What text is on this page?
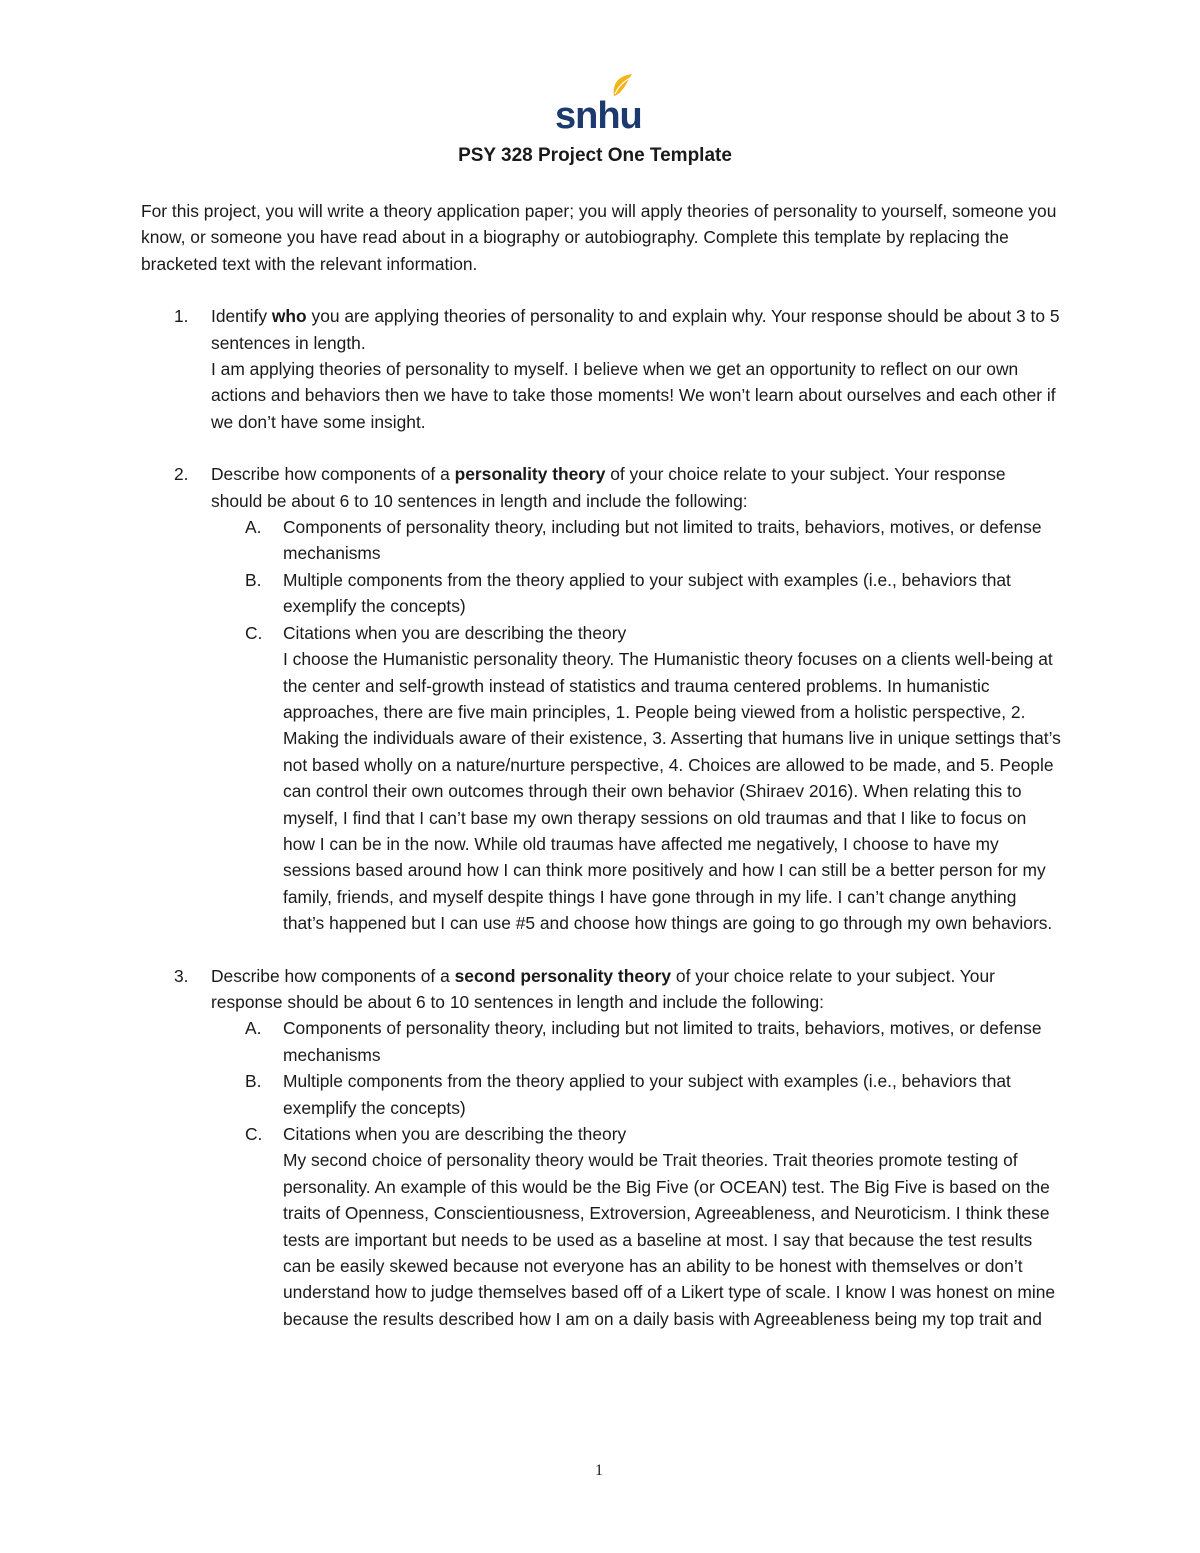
snhu
PSY 328 Project One Template

For this project, you will write a theory application paper; you will apply theories of personality to yourself, someone you know, or someone you have read about in a biography or autobiography. Complete this template by replacing the bracketed text with the relevant information.

1. Identify who you are applying theories of personality to and explain why. Your response should be about 3 to 5 sentences in length.

I am applying theories of personality to myself. I believe when we get an opportunity to reflect on our own actions and behaviors then we have to take those moments! We won’t learn about ourselves and each other if we don’t have some insight.

2. Describe how components of a personality theory of your choice relate to your subject. Your response should be about 6 to 10 sentences in length and include the following:

A. Components of personality theory, including but not limited to traits, behaviors, motives, or defense mechanisms

B. Multiple components from the theory applied to your subject with examples (i.e., behaviors that exemplify the concepts)

C. Citations when you are describing the theory

I choose the Humanistic personality theory. The Humanistic theory focuses on a clients well-being at the center and self-growth instead of statistics and trauma centered problems. In humanistic approaches, there are five main principles, 1. People being viewed from a holistic perspective, 2. Making the individuals aware of their existence, 3. Asserting that humans live in unique settings that’s not based wholly on a nature/nurture perspective, 4. Choices are allowed to be made, and 5. People can control their own outcomes through their own behavior (Shiraev 2016). When relating this to myself, I find that I can’t base my own therapy sessions on old traumas and that I like to focus on how I can be in the now. While old traumas have affected me negatively, I choose to have my sessions based around how I can think more positively and how I can still be a better person for my family, friends, and myself despite things I have gone through in my life. I can’t change anything that’s happened but I can use #5 and choose how things are going to go through my own behaviors.

3. Describe how components of a second personality theory of your choice relate to your subject. Your response should be about 6 to 10 sentences in length and include the following:

A. Components of personality theory, including but not limited to traits, behaviors, motives, or defense mechanisms

B. Multiple components from the theory applied to your subject with examples (i.e., behaviors that exemplify the concepts)

C. Citations when you are describing the theory

My second choice of personality theory would be Trait theories. Trait theories promote testing of personality. An example of this would be the Big Five (or OCEAN) test. The Big Five is based on the traits of Openness, Conscientiousness, Extroversion, Agreeableness, and Neuroticism. I think these tests are important but needs to be used as a baseline at most. I say that because the test results can be easily skewed because not everyone has an ability to be honest with themselves or don’t understand how to judge themselves based off of a Likert type of scale. I know I was honest on mine because the results described how I am on a daily basis with Agreeableness being my top trait and

1
